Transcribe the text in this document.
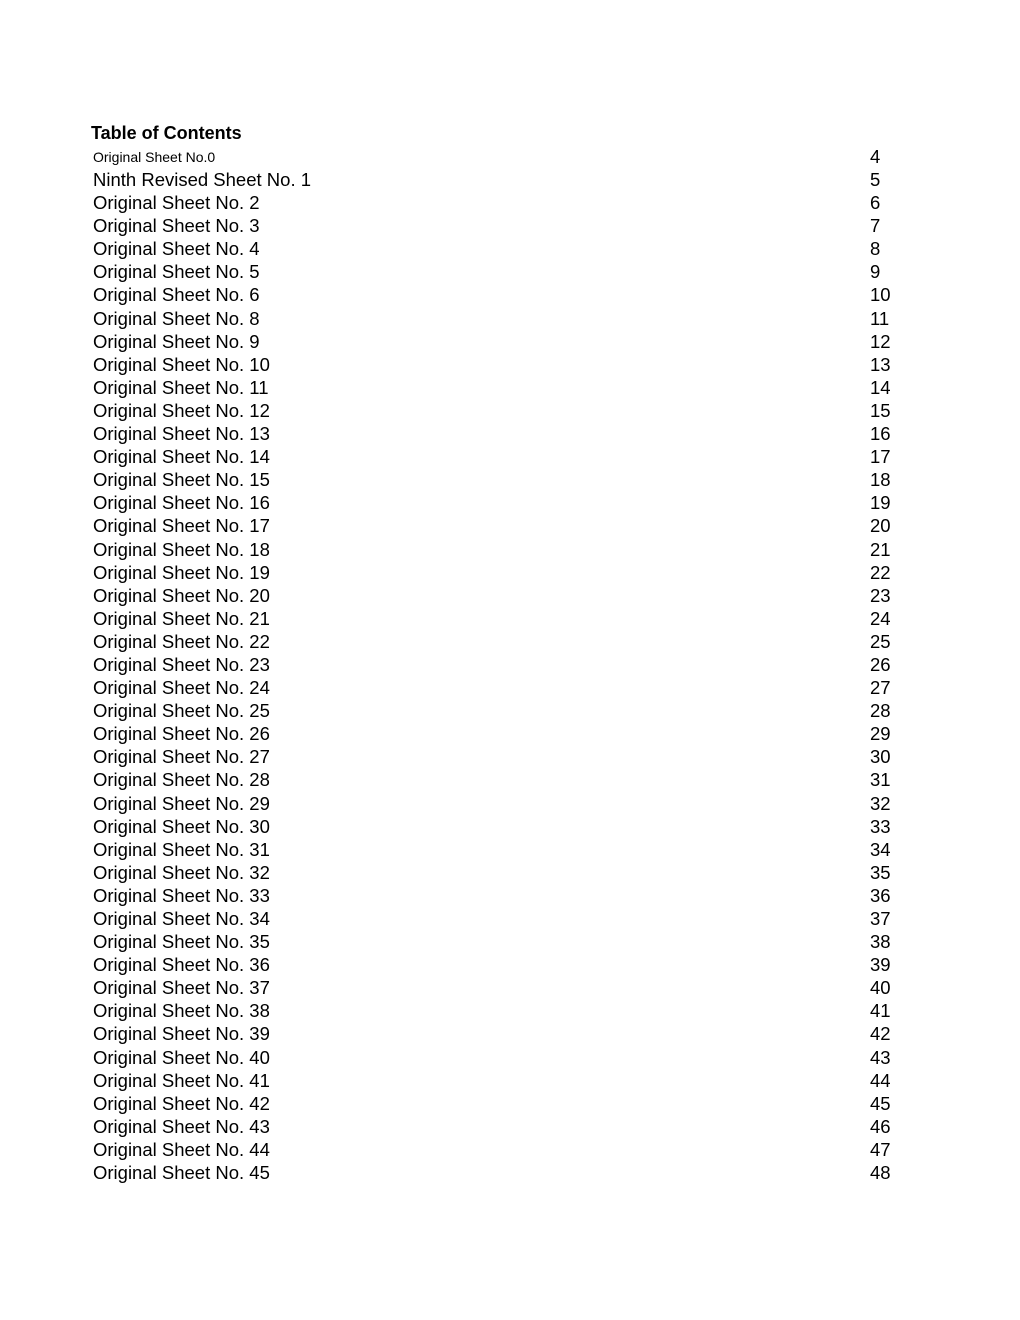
Table of Contents
Original Sheet No.0	4
Ninth Revised Sheet No. 1	5
Original Sheet No. 2	6
Original Sheet No. 3	7
Original Sheet No. 4	8
Original Sheet No. 5	9
Original Sheet No. 6	10
Original Sheet No. 8	11
Original Sheet No. 9	12
Original Sheet No. 10	13
Original Sheet No. 11	14
Original Sheet No. 12	15
Original Sheet No. 13	16
Original Sheet No. 14	17
Original Sheet No. 15	18
Original Sheet No. 16	19
Original Sheet No. 17	20
Original Sheet No. 18	21
Original Sheet No. 19	22
Original Sheet No. 20	23
Original Sheet No. 21	24
Original Sheet No. 22	25
Original Sheet No. 23	26
Original Sheet No. 24	27
Original Sheet No. 25	28
Original Sheet No. 26	29
Original Sheet No. 27	30
Original Sheet No. 28	31
Original Sheet No. 29	32
Original Sheet No. 30	33
Original Sheet No. 31	34
Original Sheet No. 32	35
Original Sheet No. 33	36
Original Sheet No. 34	37
Original Sheet No. 35	38
Original Sheet No. 36	39
Original Sheet No. 37	40
Original Sheet No. 38	41
Original Sheet No. 39	42
Original Sheet No. 40	43
Original Sheet No. 41	44
Original Sheet No. 42	45
Original Sheet No. 43	46
Original Sheet No. 44	47
Original Sheet No. 45	48
